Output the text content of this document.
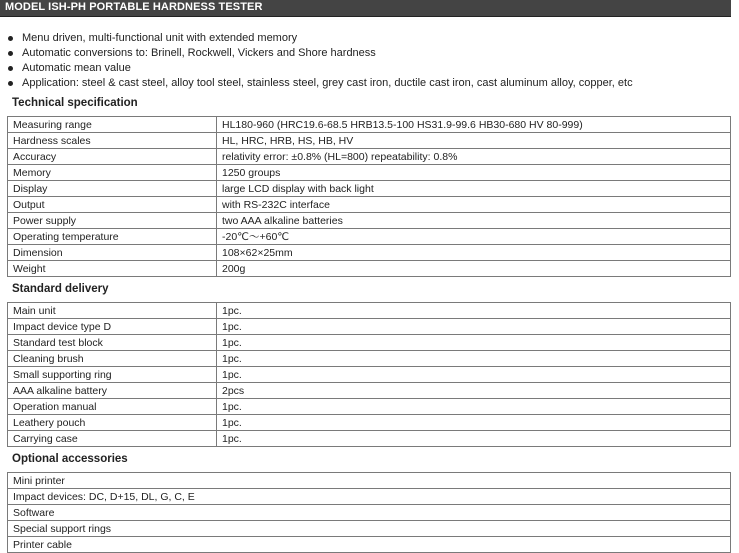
MODEL ISH-PH PORTABLE HARDNESS TESTER
Menu driven, multi-functional unit with extended memory
Automatic conversions to: Brinell, Rockwell, Vickers and Shore hardness
Automatic mean value
Application: steel & cast steel, alloy tool steel, stainless steel, grey cast iron, ductile cast iron, cast aluminum alloy, copper, etc
Technical specification
Measuring range	HL180-960 (HRC19.6-68.5 HRB13.5-100 HS31.9-99.6 HB30-680 HV 80-999)
Hardness scales	HL, HRC, HRB, HS, HB, HV
Accuracy	relativity error: ±0.8% (HL=800) repeatability: 0.8%
Memory	1250 groups
Display	large LCD display with back light
Output	with RS-232C interface
Power supply	two AAA alkaline batteries
Operating temperature	-20℃～+60℃
Dimension	108×62×25mm
Weight	200g
Standard delivery
Main unit	1pc.
Impact device type D	1pc.
Standard test block	1pc.
Cleaning brush	1pc.
Small supporting ring	1pc.
AAA alkaline battery	2pcs
Operation manual	1pc.
Leathery pouch	1pc.
Carrying case	1pc.
Optional accessories
Mini printer
Impact devices: DC, D+15, DL, G, C, E
Software
Special support rings
Printer cable
